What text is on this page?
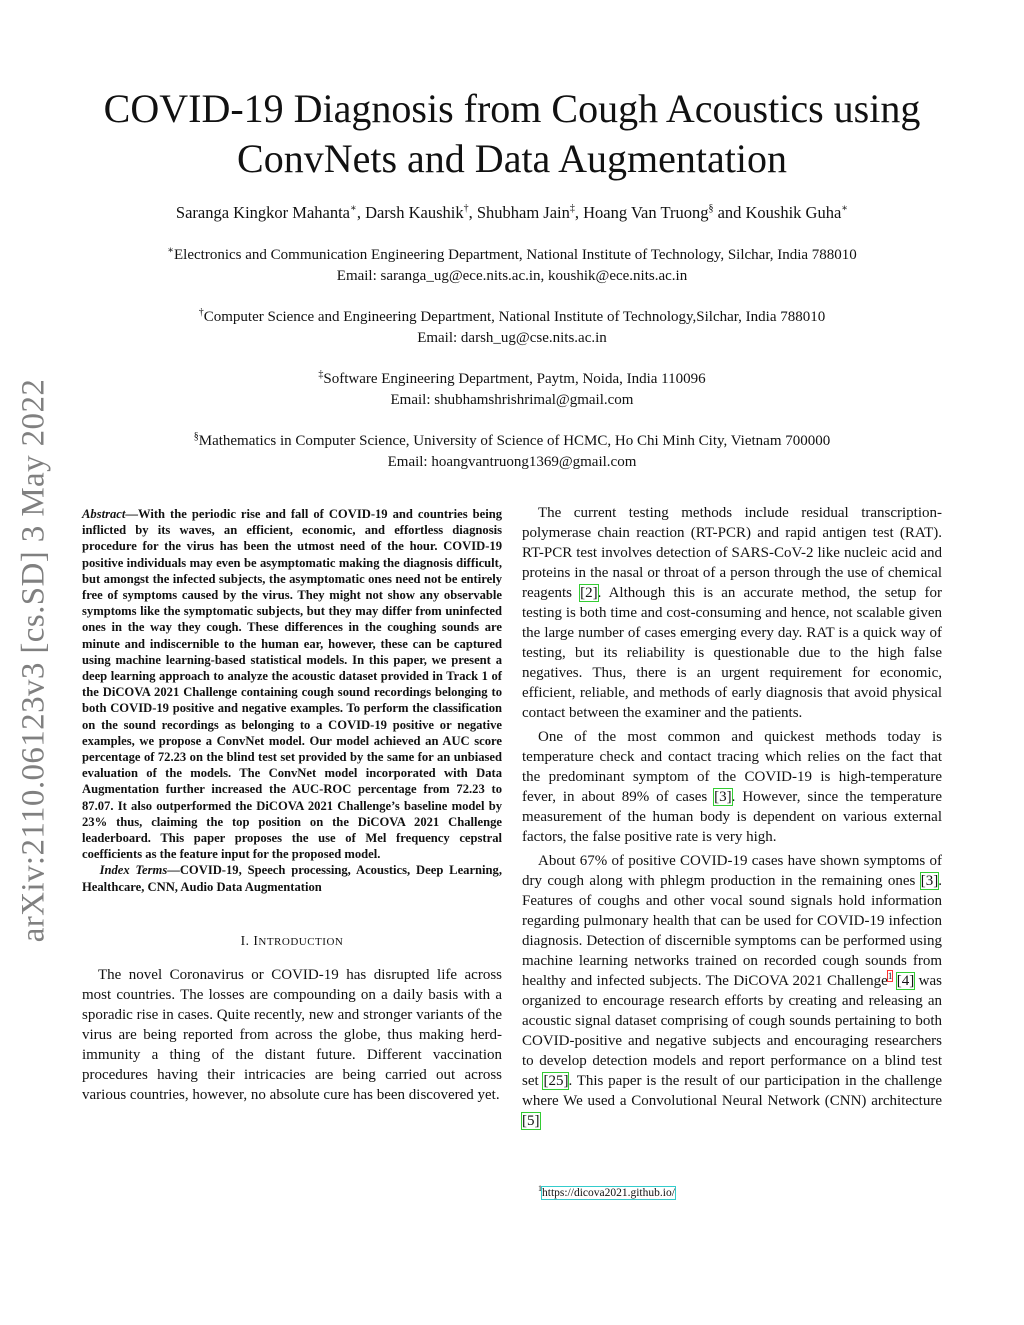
arXiv:2110.06123v3 [cs.SD] 3 May 2022
COVID-19 Diagnosis from Cough Acoustics using
ConvNets and Data Augmentation
Saranga Kingkor Mahanta∗, Darsh Kaushik†, Shubham Jain‡, Hoang Van Truong§ and Koushik Guha∗
∗Electronics and Communication Engineering Department, National Institute of Technology, Silchar, India 788010
Email: saranga_ug@ece.nits.ac.in, koushik@ece.nits.ac.in
†Computer Science and Engineering Department, National Institute of Technology,Silchar, India 788010
Email: darsh_ug@cse.nits.ac.in
‡Software Engineering Department, Paytm, Noida, India 110096
Email: shubhamshrishrimal@gmail.com
§Mathematics in Computer Science, University of Science of HCMC, Ho Chi Minh City, Vietnam 700000
Email: hoangvantruong1369@gmail.com

Abstract—With the periodic rise and fall of COVID-19 and countries being inflicted by its waves, an efficient, economic, and effortless diagnosis procedure for the virus has been the utmost need of the hour. COVID-19 positive individuals may even be asymptomatic making the diagnosis difficult, but amongst the infected subjects, the asymptomatic ones need not be entirely free of symptoms caused by the virus. They might not show any observable symptoms like the symptomatic subjects, but they may differ from uninfected ones in the way they cough. These differences in the coughing sounds are minute and indiscernible to the human ear, however, these can be captured using machine learning-based statistical models. In this paper, we present a deep learning approach to analyze the acoustic dataset provided in Track 1 of the DiCOVA 2021 Challenge containing cough sound recordings belonging to both COVID-19 positive and negative examples. To perform the classification on the sound recordings as belonging to a COVID-19 positive or negative examples, we propose a ConvNet model. Our model achieved an AUC score percentage of 72.23 on the blind test set provided by the same for an unbiased evaluation of the models. The ConvNet model incorporated with Data Augmentation further increased the AUC-ROC percentage from 72.23 to 87.07. It also outperformed the DiCOVA 2021 Challenge’s baseline model by 23% thus, claiming the top position on the DiCOVA 2021 Challenge leaderboard. This paper proposes the use of Mel frequency cepstral coefficients as the feature input for the proposed model.

Index Terms—COVID-19, Speech processing, Acoustics, Deep Learning, Healthcare, CNN, Audio Data Augmentation

I. INTRODUCTION

The novel Coronavirus or COVID-19 has disrupted life across most countries. The losses are compounding on a daily basis with a sporadic rise in cases. Quite recently, new and stronger variants of the virus are being reported from across the globe, thus making herd-immunity a thing of the distant future. Different vaccination procedures having their intricacies are being carried out across various countries, however, no absolute cure has been discovered yet.

The current testing methods include residual transcription-polymerase chain reaction (RT-PCR) and rapid antigen test (RAT). RT-PCR test involves detection of SARS-CoV-2 like nucleic acid and proteins in the nasal or throat of a person through the use of chemical reagents [2]. Although this is an accurate method, the setup for testing is both time and cost-consuming and hence, not scalable given the large number of cases emerging every day. RAT is a quick way of testing, but its reliability is questionable due to the high false negatives. Thus, there is an urgent requirement for economic, efficient, reliable, and methods of early diagnosis that avoid physical contact between the examiner and the patients.

One of the most common and quickest methods today is temperature check and contact tracing which relies on the fact that the predominant symptom of the COVID-19 is high-temperature fever, in about 89% of cases [3]. However, since the temperature measurement of the human body is dependent on various external factors, the false positive rate is very high.

About 67% of positive COVID-19 cases have shown symptoms of dry cough along with phlegm production in the remaining ones [3]. Features of coughs and other vocal sound signals hold information regarding pulmonary health that can be used for COVID-19 infection diagnosis. Detection of discernible symptoms can be performed using machine learning networks trained on recorded cough sounds from healthy and infected subjects. The DiCOVA 2021 Challenge$^1$ [4] was organized to encourage research efforts by creating and releasing an acoustic signal dataset comprising of cough sounds pertaining to both COVID-positive and negative subjects and encouraging researchers to develop detection models and report performance on a blind test set [25]. This paper is the result of our participation in the challenge where We used a Convolutional Neural Network (CNN) architecture [5]

$^1$https://dicova2021.github.io/
